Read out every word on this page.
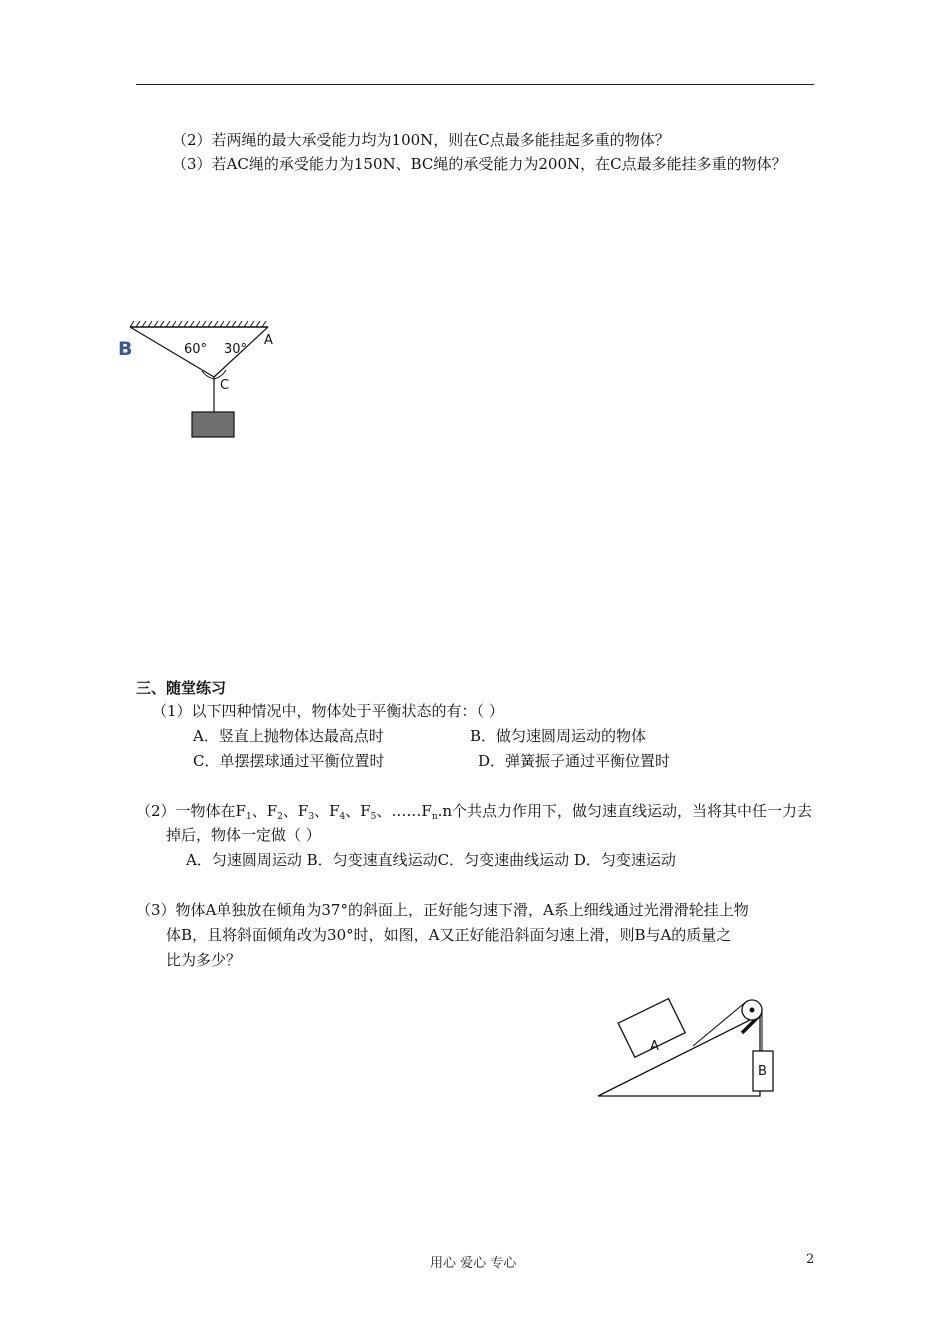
（2）若两绳的最大承受能力均为100N，则在C点最多能挂起多重的物体？
（3）若AC绳的承受能力为150N、BC绳的承受能力为200N，在C点最多能挂多重的物体？
B	A
C
60° 30°
三、随堂练习
（1）以下四种情况中，物体处于平衡状态的有：（ ）
A．竖直上抛物体达最高点时	B．做匀速圆周运动的物体
C．单摆摆球通过平衡位置时	D．弹簧振子通过平衡位置时
（2）一物体在$F_1$、$F_2$、$F_3$、$F_4$、$F_5$、$\dots\dots F_n.n$个共点力作用下，做匀速直线运动，当将其中任一力去
掉后，物体一定做（ ）
A．匀速圆周运动 B．匀变速直线运动C．匀变速曲线运动 D．匀变速运动
（3）物体A单独放在倾角为37°的斜面上，正好能匀速下滑，A系上细线通过光滑滑轮挂上物
体B，且将斜面倾角改为30°时，如图，A又正好能沿斜面匀速上滑，则B与A的质量之
比为多少？
A
B
用心 爱心 专心	2
